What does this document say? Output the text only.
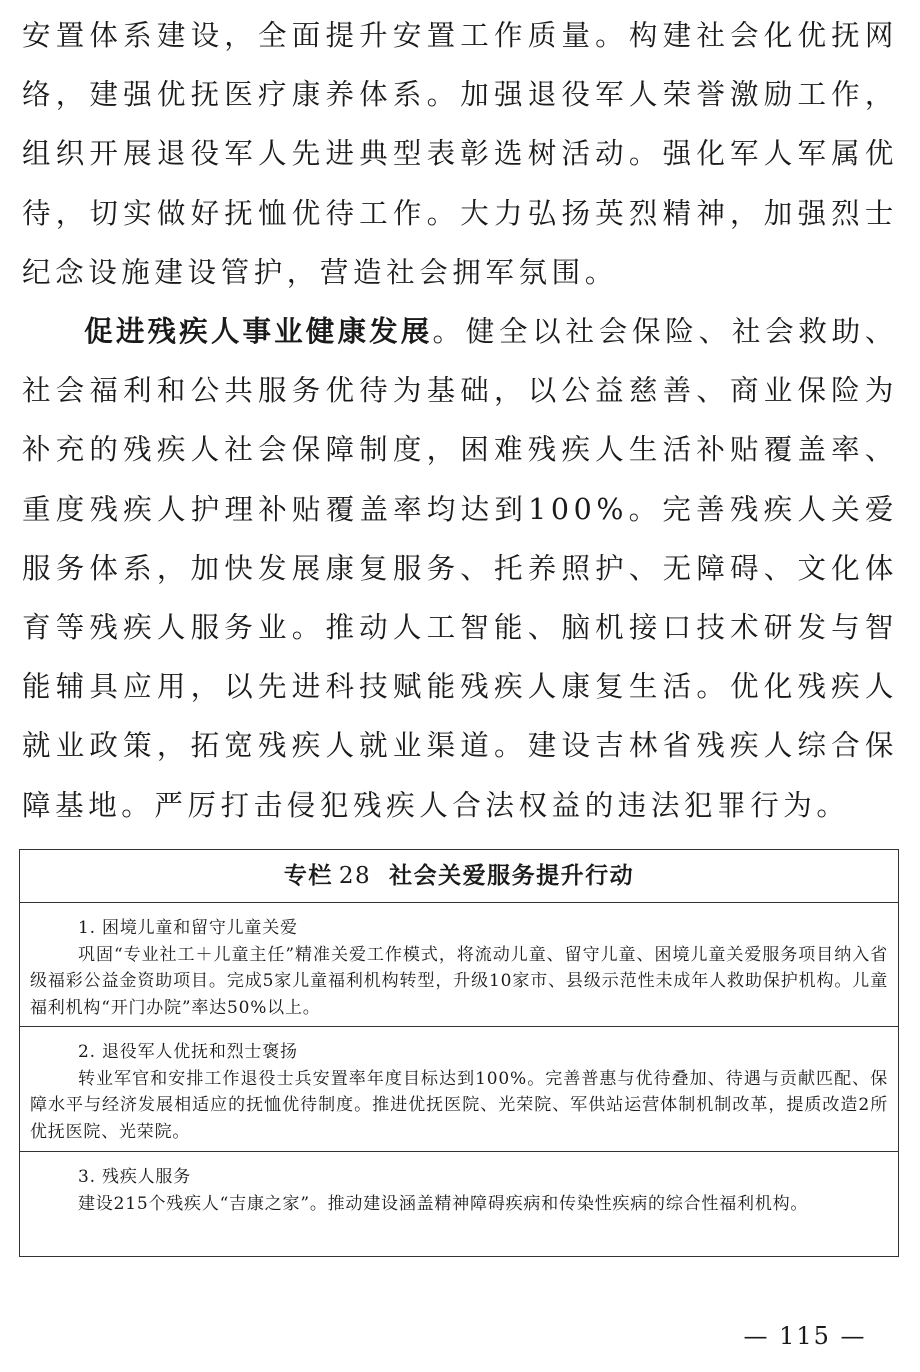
安置体系建设，全面提升安置工作质量。构建社会化优抚网络，建强优抚医疗康养体系。加强退役军人荣誉激励工作，组织开展退役军人先进典型表彰选树活动。强化军人军属优待，切实做好抚恤优待工作。大力弘扬英烈精神，加强烈士纪念设施建设管护，营造社会拥军氛围。

促进残疾人事业健康发展。健全以社会保险、社会救助、社会福利和公共服务优待为基础，以公益慈善、商业保险为补充的残疾人社会保障制度，困难残疾人生活补贴覆盖率、重度残疾人护理补贴覆盖率均达到100%。完善残疾人关爱服务体系，加快发展康复服务、托养照护、无障碍、文化体育等残疾人服务业。推动人工智能、脑机接口技术研发与智能辅具应用，以先进科技赋能残疾人康复生活。优化残疾人就业政策，拓宽残疾人就业渠道。建设吉林省残疾人综合保障基地。严厉打击侵犯残疾人合法权益的违法犯罪行为。

专栏 28 社会关爱服务提升行动
1. 困境儿童和留守儿童关爱

巩固“专业社工＋儿童主任”精准关爱工作模式，将流动儿童、留守儿童、困境儿童关爱服务项目纳入省级福彩公益金资助项目。完成5家儿童福利机构转型，升级10家市、县级示范性未成年人救助保护机构。儿童福利机构“开门办院”率达50%以上。

2. 退役军人优抚和烈士褒扬

转业军官和安排工作退役士兵安置率年度目标达到100%。完善普惠与优待叠加、待遇与贡献匹配、保障水平与经济发展相适应的抚恤优待制度。推进优抚医院、光荣院、军供站运营体制机制改革，提质改造2所优抚医院、光荣院。

3. 残疾人服务

建设215个残疾人“吉康之家”。推动建设涵盖精神障碍疾病和传染性疾病的综合性福利机构。

— 115 —
